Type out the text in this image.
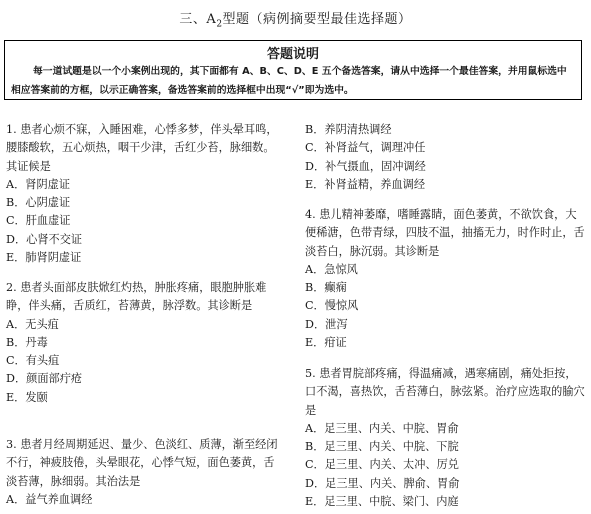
三、$A_2$型题（病例摘要型最佳选择题）
答题说明
每一道试题是以一个小案例出现的，其下面都有 A、B、C、D、E 五个备选答案，请从中选择一个最佳答案，并用鼠标选中相应答案前的方框，以示正确答案，备选答案前的选择框中出现“√”即为选中。

1. 患者心烦不寐，入睡困难，心悸多梦，伴头晕耳鸣，腰膝酸软，五心烦热，咽干少津，舌红少苔，脉细数。其证候是

A．肾阴虚证

B．心阴虚证

C．肝血虚证

D．心肾不交证

E．肺肾阴虚证

2. 患者头面部皮肤焮红灼热，肿胀疼痛，眼胞肿胀难睁，伴头痛，舌质红，苔薄黄，脉浮数。其诊断是

A．无头疽

B．丹毒

C．有头疽

D．颜面部疔疮

E．发颐

3. 患者月经周期延迟、量少、色淡红、质薄，渐至经闭不行，神疲肢倦，头晕眼花，心悸气短，面色萎黄，舌淡苔薄，脉细弱。其治法是

A．益气养血调经

B．养阴清热调经

C．补肾益气，调理冲任

D．补气摄血，固冲调经

E．补肾益精，养血调经

4. 患儿精神萎靡，嗜睡露睛，面色萎黄，不欲饮食，大便稀溏，色带青绿，四肢不温，抽搐无力，时作时止，舌淡苔白，脉沉弱。其诊断是

A．急惊风

B．癫痫

C．慢惊风

D．泄泻

E．疳证

5. 患者胃脘部疼痛，得温痛减，遇寒痛剧，痛处拒按，口不渴，喜热饮，舌苔薄白，脉弦紧。治疗应选取的腧穴是

A．足三里、内关、中脘、胃俞

B．足三里、内关、中脘、下脘

C．足三里、内关、太冲、厉兑

D．足三里、内关、脾俞、胃俞

E．足三里、中脘、梁门、内庭
